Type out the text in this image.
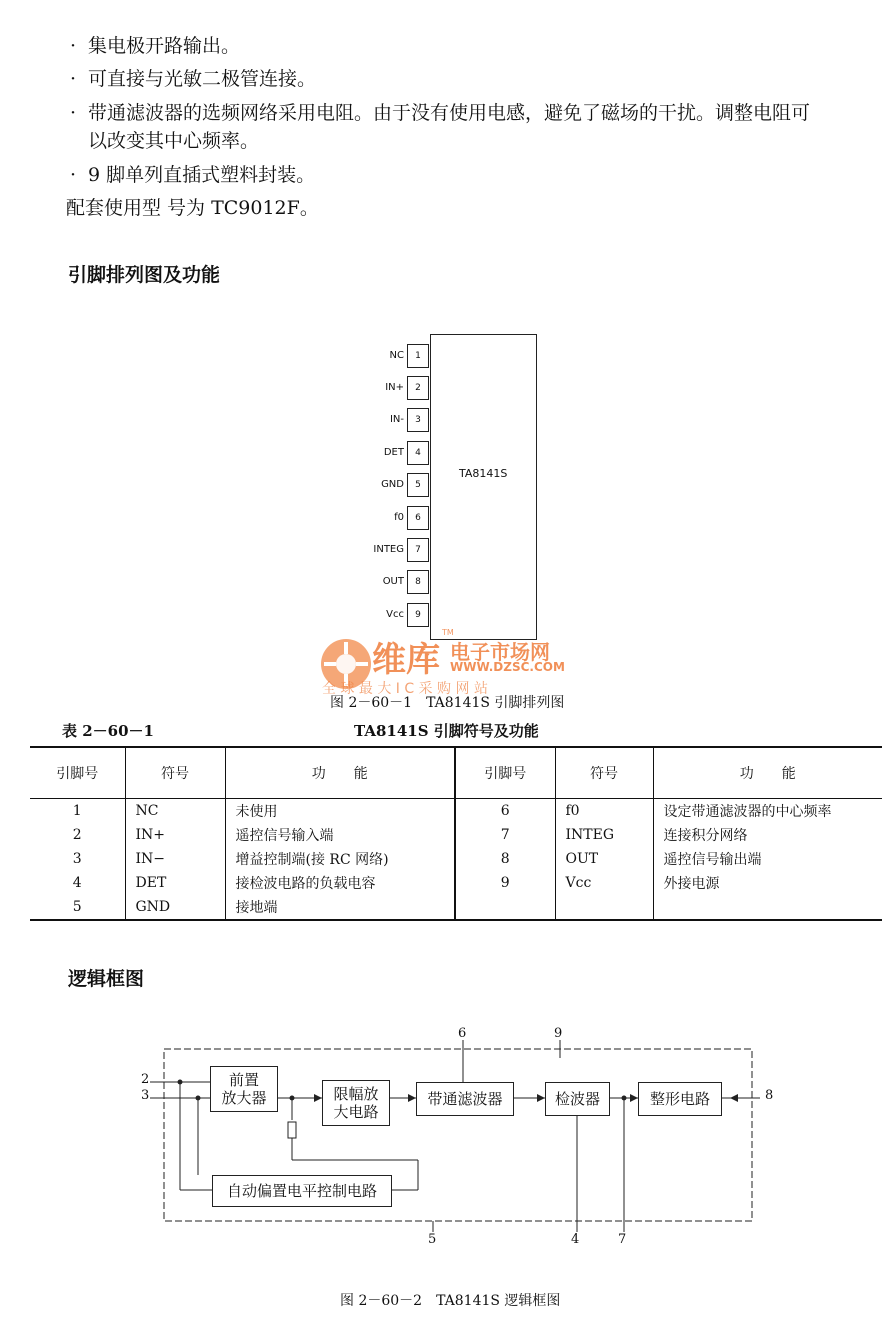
· 集电极开路输出。
· 可直接与光敏二极管连接。
· 带通滤波器的选频网络采用电阻。由于没有使用电感，避免了磁场的干扰。调整电阻可
以改变其中心频率。
· 9 脚单列直插式塑料封装。
配套使用型 号为 TC9012F。
引脚排列图及功能
TA8141S
NC	1
IN+	2
IN-	3
DET	4
GND	5
f0	6
INTEG	7
OUT	8
Vcc	9
维库 电子市场网
WWW.DZSC.COM
TM
全 球 最 大 I C 采 购 网 站
图 2－60－1　TA8141S 引脚排列图
表 2－60－1	TA8141S 引脚符号及功能
引脚号	符号	功　　能	引脚号	符号	功　　能
1	NC	未使用	6	f0	设定带通滤波器的中心频率
2	IN+	遥控信号输入端	7	INTEG	连接积分网络
3	IN−	增益控制端(接 RC 网络)	8	OUT	遥控信号输出端
4	DET	接检波电路的负载电容	9	Vcc	外接电源
5	GND	接地端			
逻辑框图
前置
放大器	限幅放
大电路
带通滤波器	检波器	整形电路
自动偏置电平控制电路
2
3
6	9
8
5	4	7
图 2－60－2　TA8141S 逻辑框图
